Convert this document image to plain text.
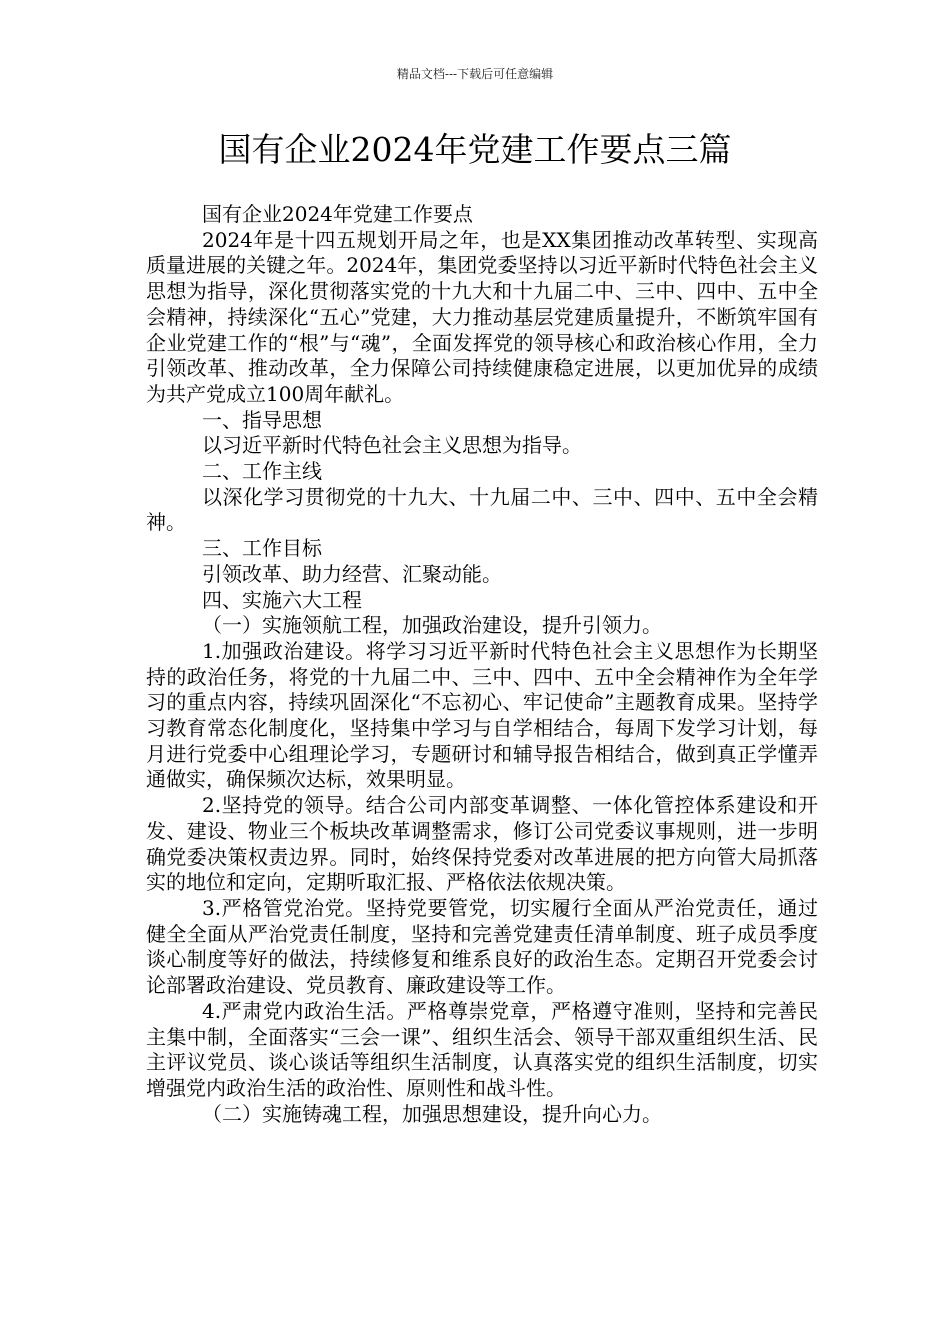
精品文档---下载后可任意编辑
国有企业2024年党建工作要点三篇

国有企业2024年党建工作要点

2024年是十四五规划开局之年，也是XX集团推动改革转型、实现高质量进展的关键之年。2024年，集团党委坚持以习近平新时代特色社会主义思想为指导，深化贯彻落实党的十九大和十九届二中、三中、四中、五中全会精神，持续深化“五心”党建，大力推动基层党建质量提升，不断筑牢国有企业党建工作的“根”与“魂”，全面发挥党的领导核心和政治核心作用，全力引领改革、推动改革，全力保障公司持续健康稳定进展，以更加优异的成绩为共产党成立100周年献礼。

一、指导思想

以习近平新时代特色社会主义思想为指导。

二、工作主线

以深化学习贯彻党的十九大、十九届二中、三中、四中、五中全会精神。

三、工作目标

引领改革、助力经营、汇聚动能。

四、实施六大工程

（一）实施领航工程，加强政治建设，提升引领力。

1.加强政治建设。将学习习近平新时代特色社会主义思想作为长期坚持的政治任务，将党的十九届二中、三中、四中、五中全会精神作为全年学习的重点内容，持续巩固深化“不忘初心、牢记使命”主题教育成果。坚持学习教育常态化制度化，坚持集中学习与自学相结合，每周下发学习计划，每月进行党委中心组理论学习，专题研讨和辅导报告相结合，做到真正学懂弄通做实，确保频次达标，效果明显。

2.坚持党的领导。结合公司内部变革调整、一体化管控体系建设和开发、建设、物业三个板块改革调整需求，修订公司党委议事规则，进一步明确党委决策权责边界。同时，始终保持党委对改革进展的把方向管大局抓落实的地位和定向，定期听取汇报、严格依法依规决策。

3.严格管党治党。坚持党要管党，切实履行全面从严治党责任，通过健全全面从严治党责任制度，坚持和完善党建责任清单制度、班子成员季度谈心制度等好的做法，持续修复和维系良好的政治生态。定期召开党委会讨论部署政治建设、党员教育、廉政建设等工作。

4.严肃党内政治生活。严格尊崇党章，严格遵守准则，坚持和完善民主集中制，全面落实“三会一课”、组织生活会、领导干部双重组织生活、民主评议党员、谈心谈话等组织生活制度，认真落实党的组织生活制度，切实增强党内政治生活的政治性、原则性和战斗性。

（二）实施铸魂工程，加强思想建设，提升向心力。
